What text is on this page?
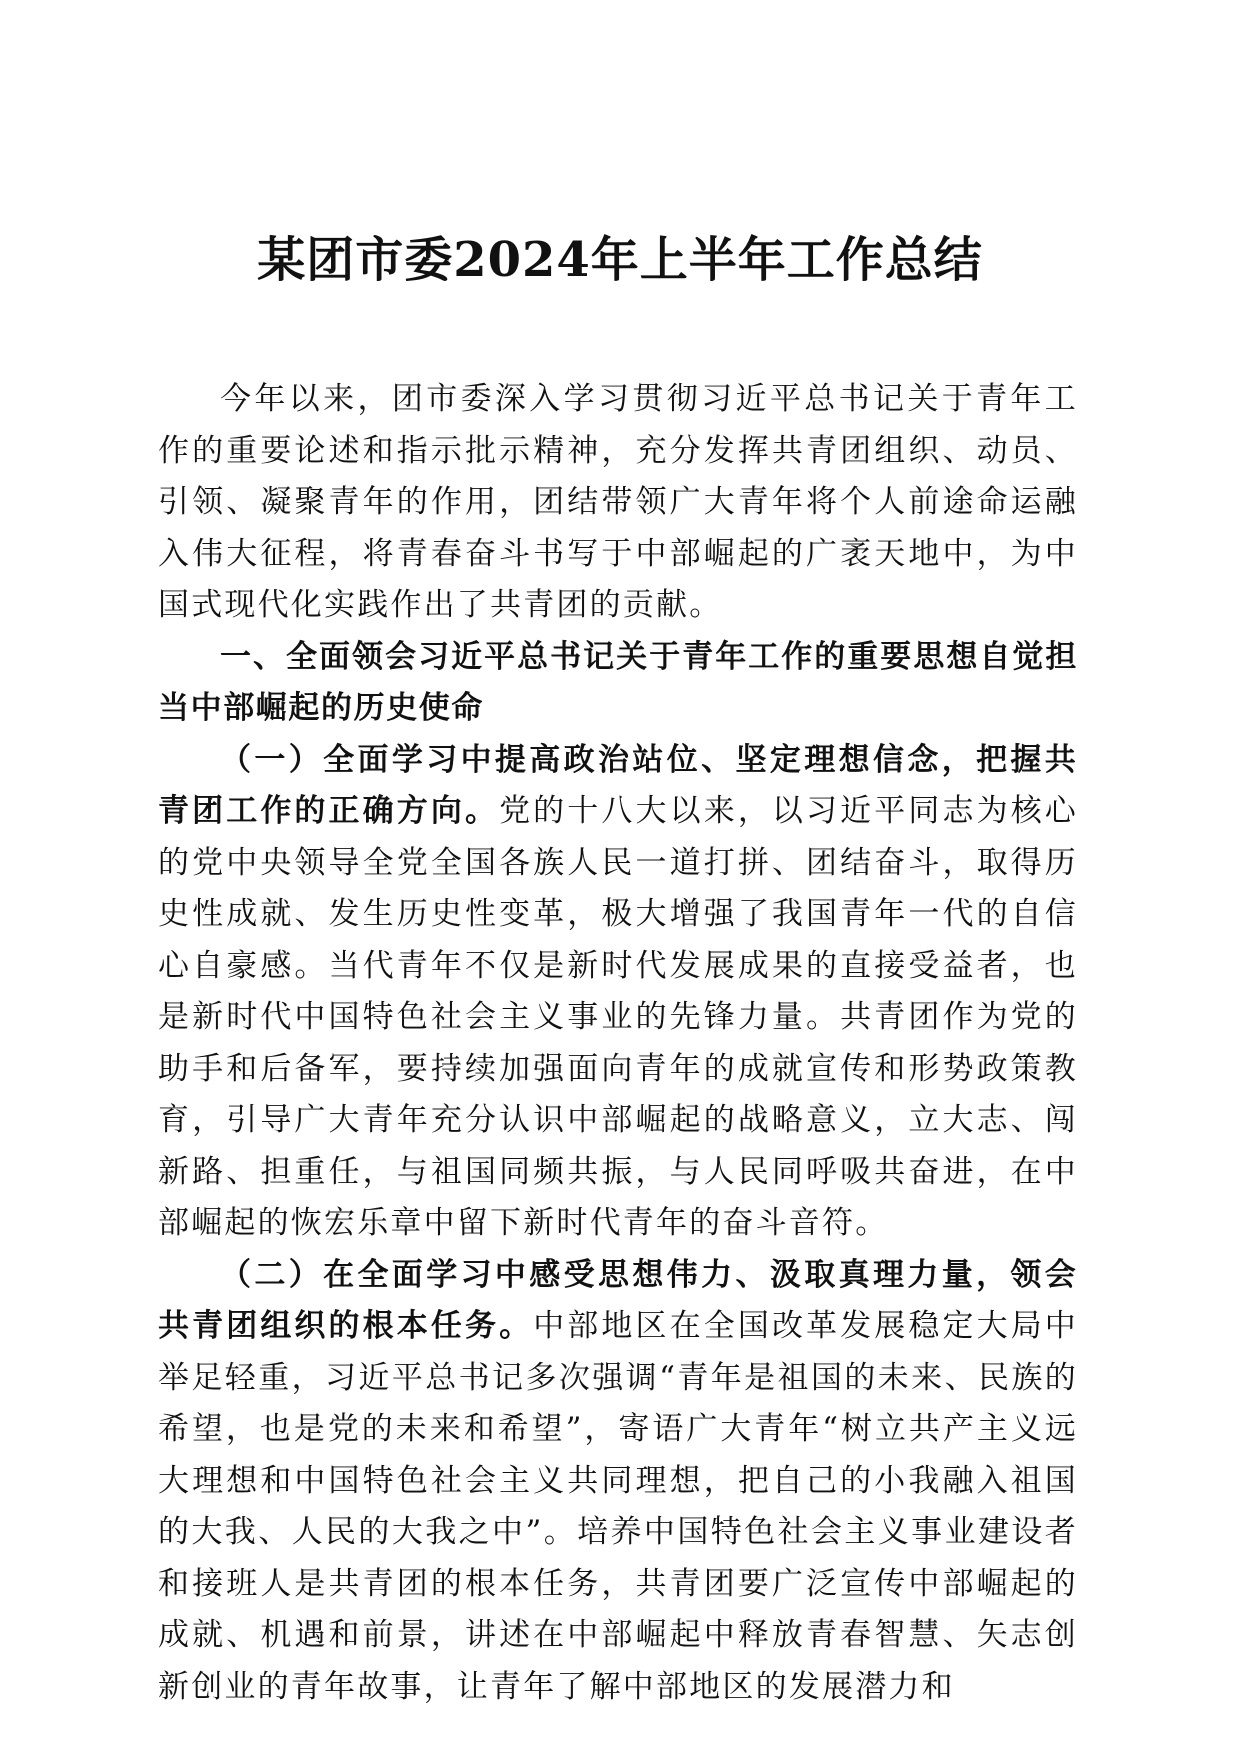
某团市委2024年上半年工作总结

今年以来，团市委深入学习贯彻习近平总书记关于青年工作的重要论述和指示批示精神，充分发挥共青团组织、动员、引领、凝聚青年的作用，团结带领广大青年将个人前途命运融入伟大征程，将青春奋斗书写于中部崛起的广袤天地中，为中国式现代化实践作出了共青团的贡献。

一、全面领会习近平总书记关于青年工作的重要思想自觉担当中部崛起的历史使命

（一）全面学习中提高政治站位、坚定理想信念，把握共青团工作的正确方向。党的十八大以来，以习近平同志为核心的党中央领导全党全国各族人民一道打拼、团结奋斗，取得历史性成就、发生历史性变革，极大增强了我国青年一代的自信心自豪感。当代青年不仅是新时代发展成果的直接受益者，也是新时代中国特色社会主义事业的先锋力量。共青团作为党的助手和后备军，要持续加强面向青年的成就宣传和形势政策教育，引导广大青年充分认识中部崛起的战略意义，立大志、闯新路、担重任，与祖国同频共振，与人民同呼吸共奋进，在中部崛起的恢宏乐章中留下新时代青年的奋斗音符。

（二）在全面学习中感受思想伟力、汲取真理力量，领会共青团组织的根本任务。中部地区在全国改革发展稳定大局中举足轻重，习近平总书记多次强调“青年是祖国的未来、民族的希望，也是党的未来和希望”，寄语广大青年“树立共产主义远大理想和中国特色社会主义共同理想，把自己的小我融入祖国的大我、人民的大我之中”。培养中国特色社会主义事业建设者和接班人是共青团的根本任务，共青团要广泛宣传中部崛起的成就、机遇和前景，讲述在中部崛起中释放青春智慧、矢志创新创业的青年故事，让青年了解中部地区的发展潜力和
